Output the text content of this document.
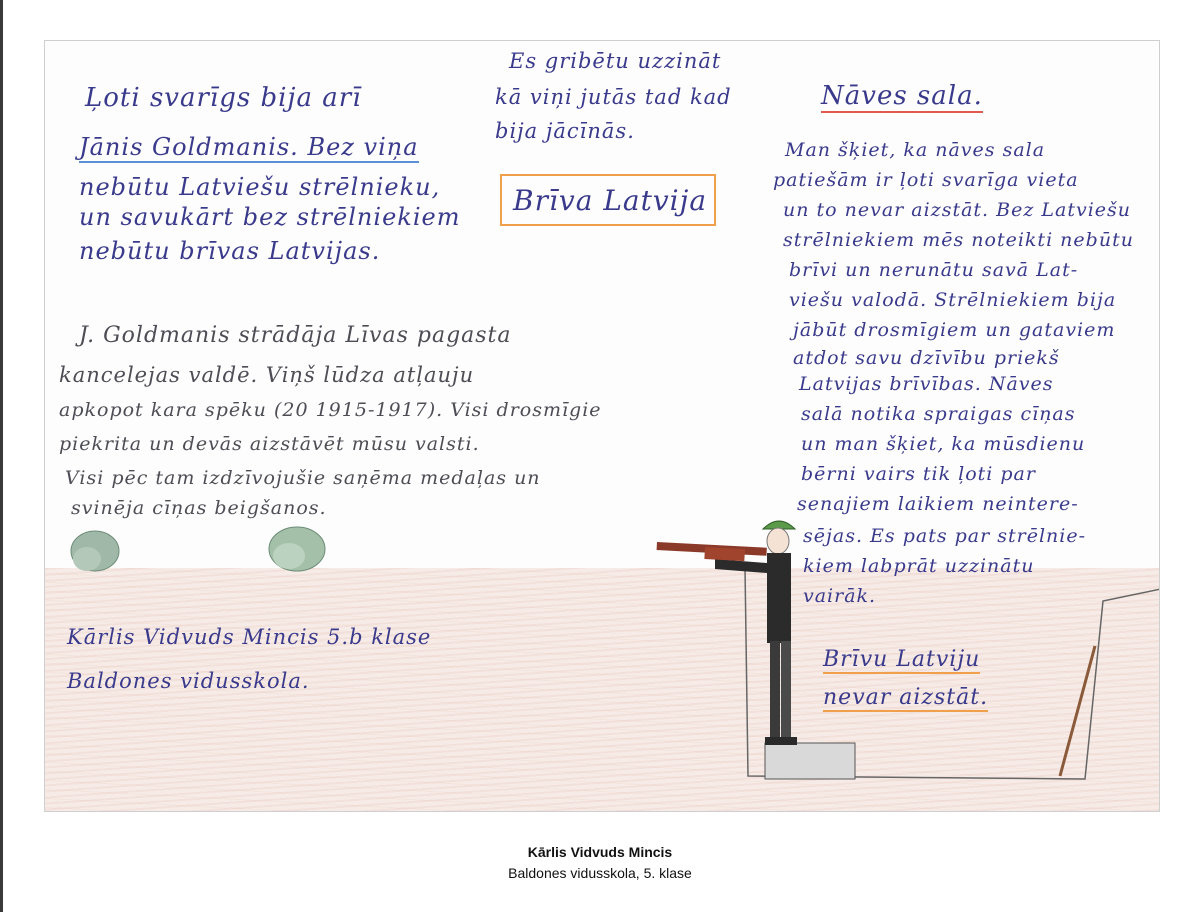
Ļoti svarīgs bija arī

Jānis Goldmanis. Bez viņa

nebūtu Latviešu strēlnieku,

un savukārt bez strēlniekiem

nebūtu brīvas Latvijas.

Es gribētu uzzināt

kā viņi jutās tad kad

bija jācīnās.

Brīva Latvija

J. Goldmanis strādāja Līvas pagasta

kancelejas valdē. Viņš lūdza atļauju

apkopot kara spēku (20 1915-1917). Visi drosmīgie

piekrita un devās aizstāvēt mūsu valsti.

Visi pēc tam izdzīvojušie saņēma medaļas un

svinēja cīņas beigšanos.

Nāves sala.

Man šķiet, ka nāves sala

patiešām ir ļoti svarīga vieta

un to nevar aizstāt. Bez Latviešu

strēlniekiem mēs noteikti nebūtu

brīvi un nerunātu savā Lat-

viešu valodā. Strēlniekiem bija

jābūt drosmīgiem un gataviem

atdot savu dzīvību priekš

Latvijas brīvības. Nāves

salā notika spraigas cīņas

un man šķiet, ka mūsdienu

bērni vairs tik ļoti par

senajiem laikiem neintere-

sējas. Es pats par strēlnie-

kiem labprāt uzzinātu

vairāk.

Brīvu Latviju

nevar aizstāt.

Kārlis Vidvuds Mincis 5.b klase

Baldones vidusskola.

Kārlis Vidvuds Mincis
Baldones vidusskola, 5. klase
